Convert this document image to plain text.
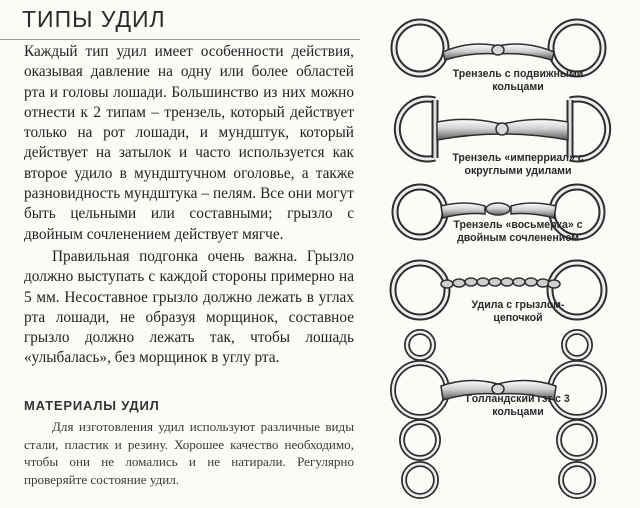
ТИПЫ УДИЛ

Каждый тип удил имеет особенности действия, оказывая давление на одну или более областей рта и головы лошади. Большинство из них можно отнести к 2 типам – трензель, который действует только на рот лошади, и мундштук, который действует на затылок и часто используется как второе удило в мундштучном оголовье, а также разновидность мундштука – пелям. Все они могут быть цельными или составными; грызло с двойным сочленением действует мягче.

Правильная подгонка очень важна. Грызло должно выступать с каждой стороны примерно на 5 мм. Несоставное грызло должно лежать в углах рта лошади, не образуя морщинок, составное грызло должно лежать так, чтобы лошадь «улыбалась», без морщинок в углу рта.

МАТЕРИАЛЫ УДИЛ

Для изготовления удил используют различные виды стали, пластик и резину. Хорошее качество необходимо, чтобы они не ломались и не натирали. Регулярно проверяйте состояние удил.

Трензель с подвижными кольцами

Трензель «имперриал» с округлыми удилами

Трензель «восьмерка» с двойным сочленением

Удила с грызлом-цепочкой

Голландский гэг с 3 кольцами
